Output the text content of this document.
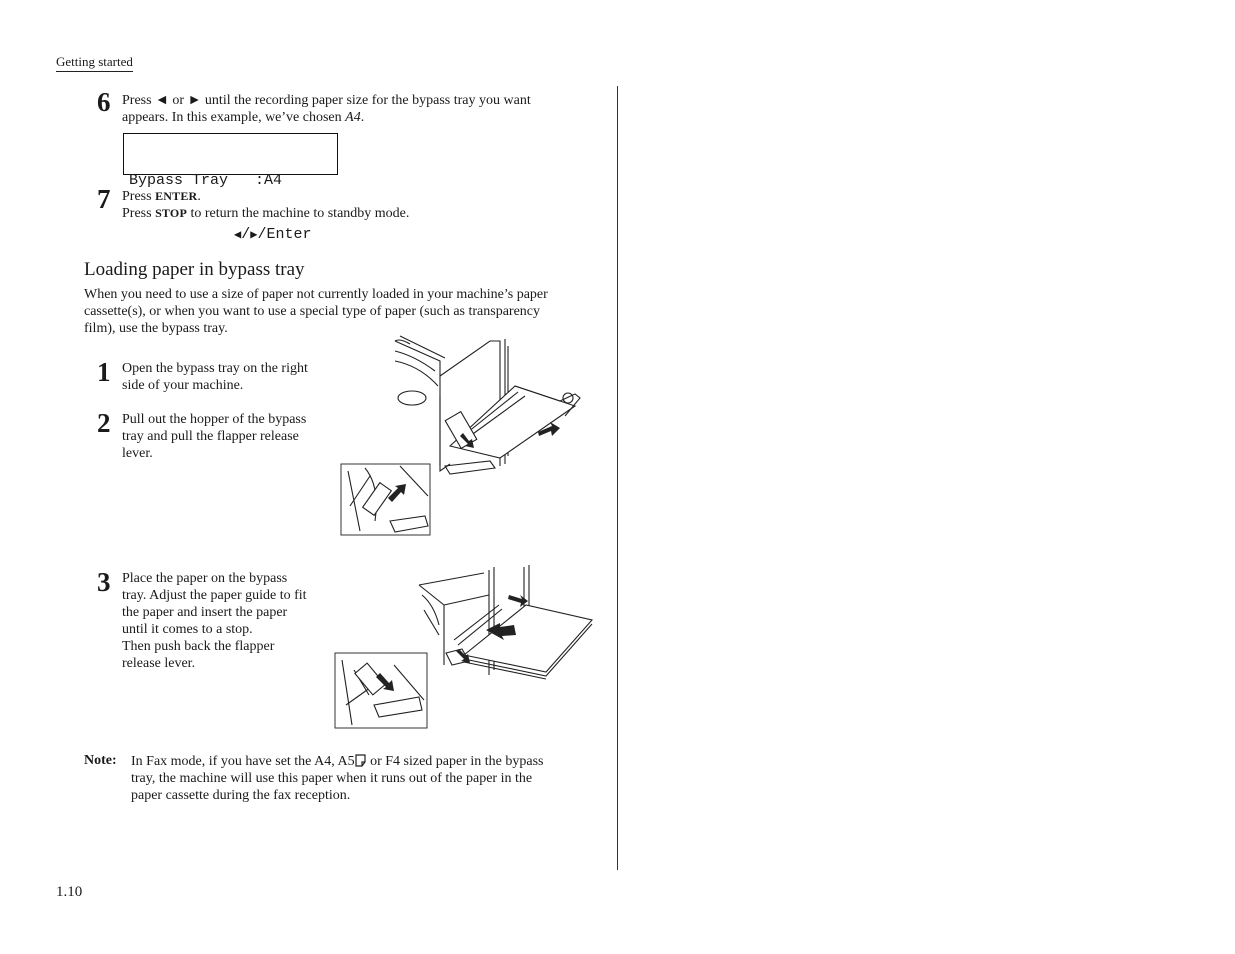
Getting started
6 Press ◄ or ► until the recording paper size for the bypass tray you want
appears. In this example, we’ve chosen A4.

Bypass Tray   :A4

◀/▶/Enter

7 Press ENTER.
Press STOP to return the machine to standby mode.
Loading paper in bypass tray
When you need to use a size of paper not currently loaded in your machine’s paper
cassette(s), or when you want to use a special type of paper (such as transparency
film), use the bypass tray.
1 Open the bypass tray on the right
side of your machine.
2 Pull out the hopper of the bypass
tray and pull the flapper release
lever.
3 Place the paper on the bypass
tray. Adjust the paper guide to fit
the paper and insert the paper
until it comes to a stop.
Then push back the flapper
release lever.
Note: In Fax mode, if you have set the A4, A5 or F4 sized paper in the bypass
tray, the machine will use this paper when it runs out of the paper in the
paper cassette during the fax reception.
1.10
